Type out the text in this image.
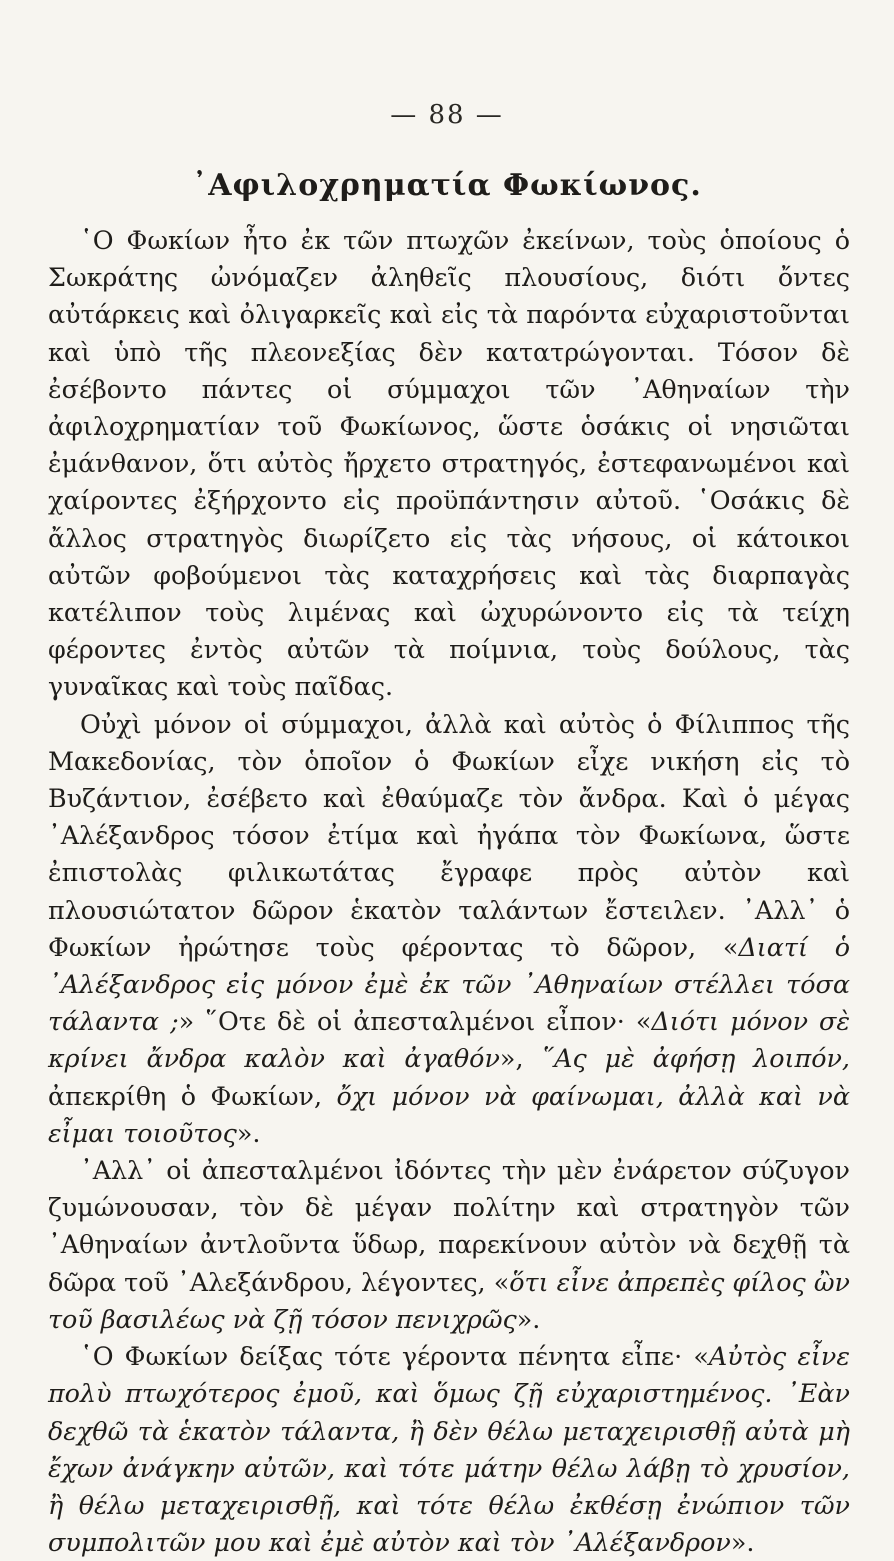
— 88 —
᾿Αφιλοχρηματία Φωκίωνος.

῾Ο Φωκίων ἦτο ἐκ τῶν πτωχῶν ἐκείνων, τοὺς ὁποίους ὁ Σωκράτης ὠνόμαζεν ἀληθεῖς πλουσίους, διότι ὄντες αὐτάρκεις καὶ ὀλιγαρκεῖς καὶ εἰς τὰ παρόντα εὐχαριστοῦνται καὶ ὑπὸ τῆς πλεονεξίας δὲν κατατρώγονται. Τόσον δὲ ἐσέβοντο πάντες οἱ σύμμαχοι τῶν ᾿Αθηναίων τὴν ἀφιλοχρηματίαν τοῦ Φωκίωνος, ὥστε ὁσάκις οἱ νησιῶται ἐμάνθανον, ὅτι αὐτὸς ἤρχετο στρατηγός, ἐστεφανωμένοι καὶ χαίροντες ἐξήρχοντο εἰς προϋπάντησιν αὐτοῦ. ῾Οσάκις δὲ ἄλλος στρατηγὸς διωρίζετο εἰς τὰς νήσους, οἱ κάτοικοι αὐτῶν φοβούμενοι τὰς καταχρήσεις καὶ τὰς διαρπαγὰς κατέλιπον τοὺς λιμένας καὶ ὠχυρώνοντο εἰς τὰ τείχη φέροντες ἐντὸς αὐτῶν τὰ ποίμνια, τοὺς δούλους, τὰς γυναῖκας καὶ τοὺς παῖδας.

Οὐχὶ μόνον οἱ σύμμαχοι, ἀλλὰ καὶ αὐτὸς ὁ Φίλιππος τῆς Μακεδονίας, τὸν ὁποῖον ὁ Φωκίων εἶχε νικήση εἰς τὸ Βυζάντιον, ἐσέβετο καὶ ἐθαύμαζε τὸν ἄνδρα. Καὶ ὁ μέγας ᾿Αλέξανδρος τόσον ἐτίμα καὶ ἠγάπα τὸν Φωκίωνα, ὥστε ἐπιστολὰς φιλικωτάτας ἔγραφε πρὸς αὐτὸν καὶ πλουσιώτατον δῶρον ἑκατὸν ταλάντων ἔστειλεν. ᾿Αλλ᾿ ὁ Φωκίων ἠρώτησε τοὺς φέροντας τὸ δῶρον, «Διατί ὁ ᾿Αλέξανδρος εἰς μόνον ἐμὲ ἐκ τῶν ᾿Αθηναίων στέλλει τόσα τάλαντα ;» ῞Οτε δὲ οἱ ἀπεσταλμένοι εἶπον· «Διότι μόνον σὲ κρίνει ἄνδρα καλὸν καὶ ἀγαθόν», ῞Ας μὲ ἀφήσῃ λοιπόν, ἀπεκρίθη ὁ Φωκίων, ὄχι μόνον νὰ φαίνωμαι, ἀλλὰ καὶ νὰ εἶμαι τοιοῦτος».

᾿Αλλ᾿ οἱ ἀπεσταλμένοι ἰδόντες τὴν μὲν ἐνάρετον σύζυγον ζυμώνουσαν, τὸν δὲ μέγαν πολίτην καὶ στρατηγὸν τῶν ᾿Αθηναίων ἀντλοῦντα ὕδωρ, παρεκίνουν αὐτὸν νὰ δεχθῇ τὰ δῶρα τοῦ ᾿Αλεξάνδρου, λέγοντες, «ὅτι εἶνε ἀπρεπὲς φίλος ὢν τοῦ βασιλέως νὰ ζῇ τόσον πενιχρῶς».

῾Ο Φωκίων δείξας τότε γέροντα πένητα εἶπε· «Αὐτὸς εἶνε πολὺ πτωχότερος ἐμοῦ, καὶ ὅμως ζῇ εὐχαριστημένος. ᾿Εὰν δεχθῶ τὰ ἑκατὸν τάλαντα, ἢ δὲν θέλω μεταχειρισθῇ αὐτὰ μὴ ἔχων ἀνάγκην αὐτῶν, καὶ τότε μάτην θέλω λάβῃ τὸ χρυσίον, ἢ θέλω μεταχειρισθῇ, καὶ τότε θέλω ἐκθέσῃ ἐνώπιον τῶν συμπολιτῶν μου καὶ ἐμὲ αὐτὸν καὶ τὸν ᾿Αλέξανδρον».
